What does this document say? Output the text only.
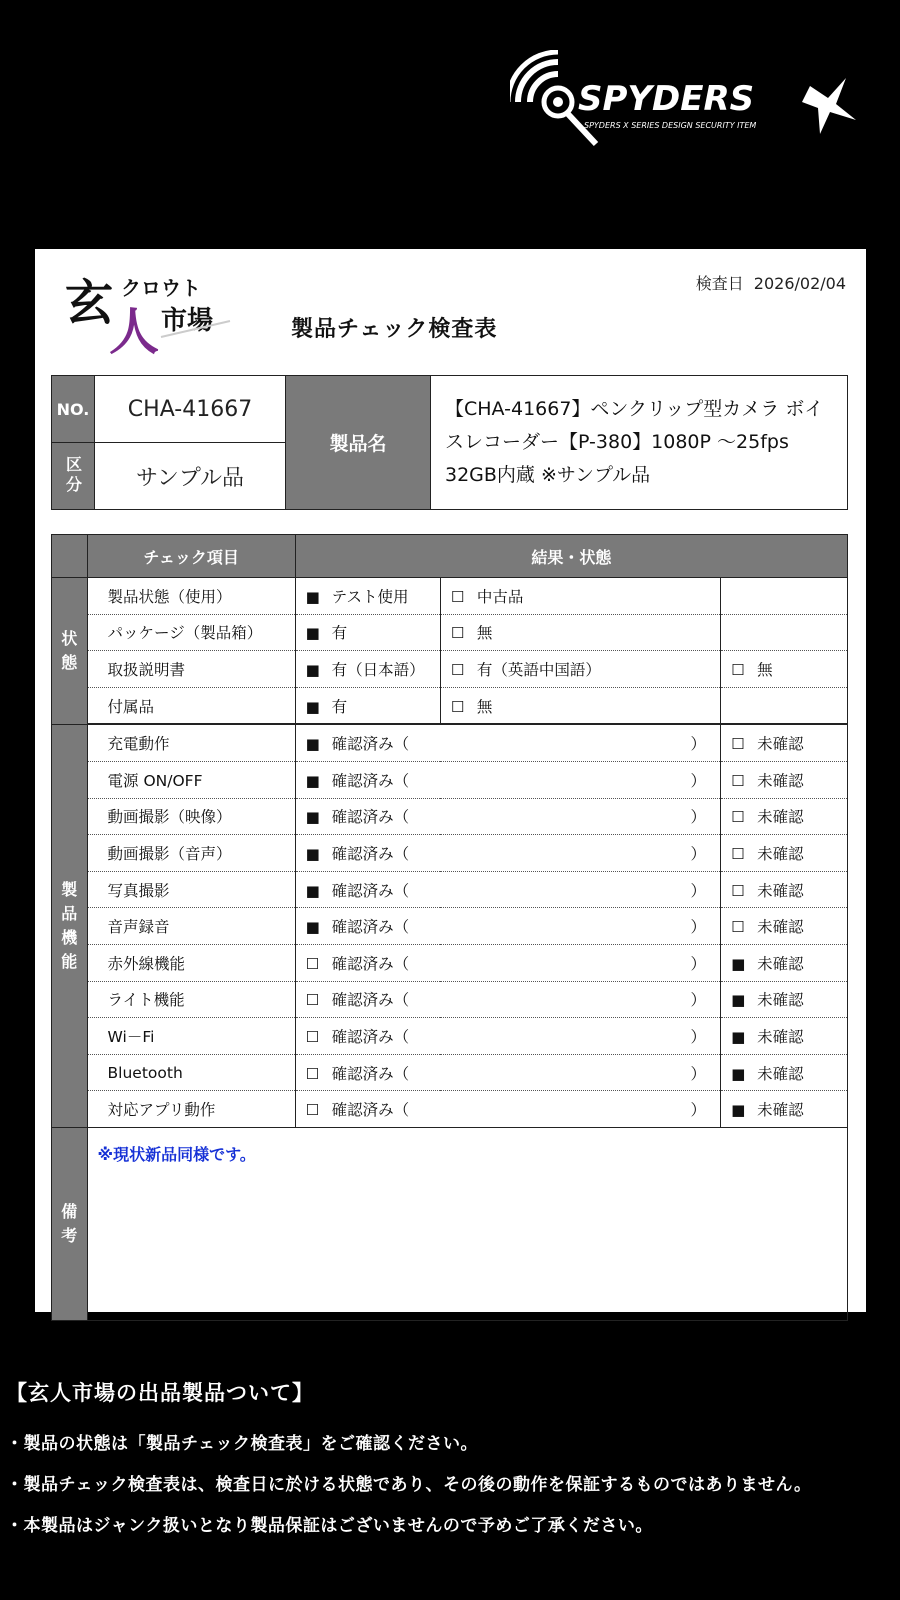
SPYDERS
SPYDERS X SERIES DESIGN SECURITY ITEM
玄
人
クロウト
市場	製品チェック検査表
検査日 2026/02/04
NO.	CHA-41667	製品名	【CHA-41667】ペンクリップ型カメラ ボイスレコーダー【P-380】1080P ～25fps 32GB内蔵 ※サンプル品

区分	サンプル品		
	チェック項目	結果・状態		
状態	製品状態（使用）	■ テスト使用	☐ 中古品	
	パッケージ（製品箱）	■ 有	☐ 無	
	取扱説明書	■ 有（日本語）	☐ 有（英語中国語）	☐ 無
	付属品	■ 有	☐ 無	
製品機能	充電動作	■ 確認済み（ ）		☐ 未確認
	電源 ON/OFF	■ 確認済み（ ）		☐ 未確認
	動画撮影（映像）	■ 確認済み（ ）		☐ 未確認
	動画撮影（音声）	■ 確認済み（ ）		☐ 未確認
	写真撮影	■ 確認済み（ ）		☐ 未確認
	音声録音	■ 確認済み（ ）		☐ 未確認
	赤外線機能	☐ 確認済み（ ）		■ 未確認
	ライト機能	☐ 確認済み（ ）		■ 未確認
	Wi－Fi	☐ 確認済み（ ）		■ 未確認
	Bluetooth	☐ 確認済み（ ）		■ 未確認
	対応アプリ動作	☐ 確認済み（ ）		■ 未確認
備考	※現状新品同様です。			
【玄人市場の出品製品ついて】

・製品の状態は「製品チェック検査表」をご確認ください。

・製品チェック検査表は、検査日に於ける状態であり、その後の動作を保証するものではありません。

・本製品はジャンク扱いとなり製品保証はございませんので予めご了承ください。
